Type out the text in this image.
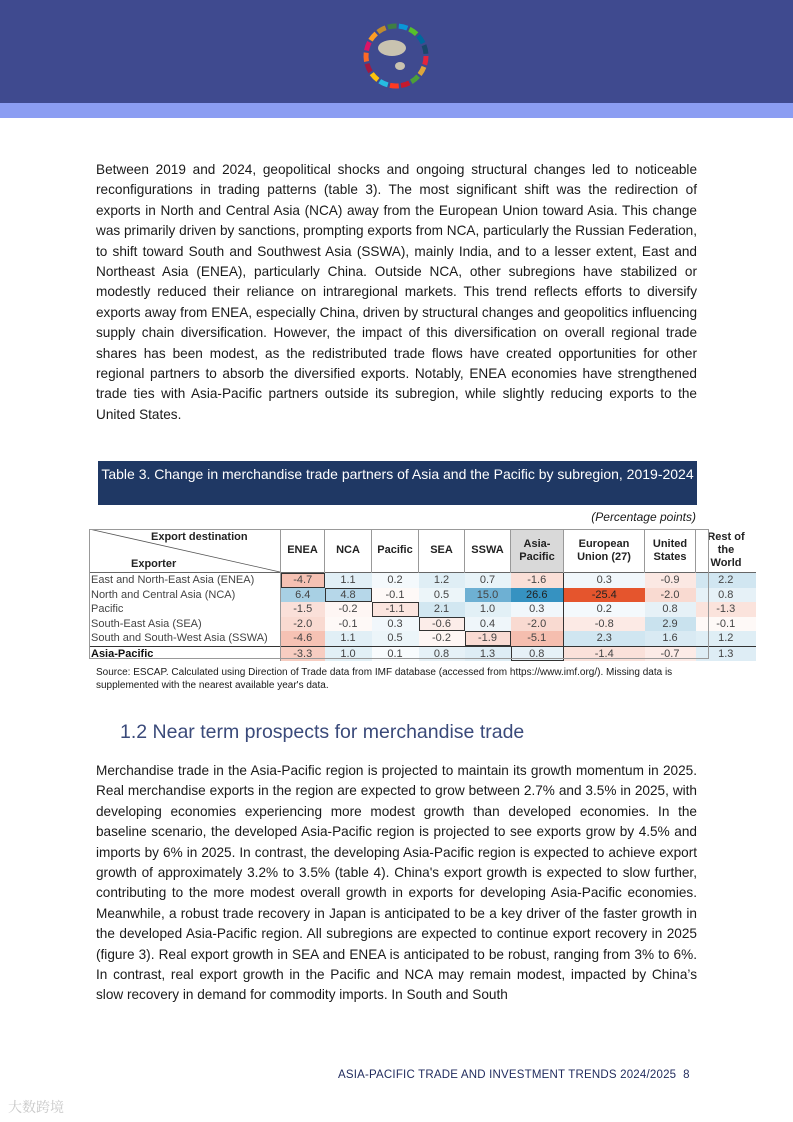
Between 2019 and 2024, geopolitical shocks and ongoing structural changes led to noticeable reconfigurations in trading patterns (table 3). The most significant shift was the redirection of exports in North and Central Asia (NCA) away from the European Union toward Asia. This change was primarily driven by sanctions, prompting exports from NCA, particularly the Russian Federation, to shift toward South and Southwest Asia (SSWA), mainly India, and to a lesser extent, East and Northeast Asia (ENEA), particularly China. Outside NCA, other subregions have stabilized or modestly reduced their reliance on intraregional markets. This trend reflects efforts to diversify exports away from ENEA, especially China, driven by structural changes and geopolitics influencing supply chain diversification. However, the impact of this diversification on overall regional trade shares has been modest, as the redistributed trade flows have created opportunities for other regional partners to absorb the diversified exports. Notably, ENEA economies have strengthened trade ties with Asia-Pacific partners outside its subregion, while slightly reducing exports to the United States.

Table 3. Change in merchandise trade partners of Asia and the Pacific by subregion, 2019-2024
(Percentage points)
Export destination
Exporter	ENEA	NCA	Pacific	SEA	SSWA	Asia-Pacific	European Union (27)	United States	Rest of the World
East and North-East Asia (ENEA)	-4.7	1.1	0.2	1.2	0.7	-1.6	0.3	-0.9	2.2
North and Central Asia (NCA)	6.4	4.8	-0.1	0.5	15.0	26.6	-25.4	-2.0	0.8
Pacific	-1.5	-0.2	-1.1	2.1	1.0	0.3	0.2	0.8	-1.3
South-East Asia (SEA)	-2.0	-0.1	0.3	-0.6	0.4	-2.0	-0.8	2.9	-0.1
South and South-West Asia (SSWA)	-4.6	1.1	0.5	-0.2	-1.9	-5.1	2.3	1.6	1.2
Asia-Pacific	-3.3	1.0	0.1	0.8	1.3	0.8	-1.4	-0.7	1.3
Source: ESCAP. Calculated using Direction of Trade data from IMF database (accessed from https://www.imf.org/). Missing data is supplemented with the nearest available year's data.
1.2 Near term prospects for merchandise trade

Merchandise trade in the Asia-Pacific region is projected to maintain its growth momentum in 2025. Real merchandise exports in the region are expected to grow between 2.7% and 3.5% in 2025, with developing economies experiencing more modest growth than developed economies. In the baseline scenario, the developed Asia-Pacific region is projected to see exports grow by 4.5% and imports by 6% in 2025. In contrast, the developing Asia-Pacific region is expected to achieve export growth of approximately 3.2% to 3.5% (table 4). China's export growth is expected to slow further, contributing to the more modest overall growth in exports for developing Asia-Pacific economies. Meanwhile, a robust trade recovery in Japan is anticipated to be a key driver of the faster growth in the developed Asia-Pacific region. All subregions are expected to continue export recovery in 2025 (figure 3). Real export growth in SEA and ENEA is anticipated to be robust, ranging from 3% to 6%. In contrast, real export growth in the Pacific and NCA may remain modest, impacted by China’s slow recovery in demand for commodity imports. In South and South

ASIA-PACIFIC TRADE AND INVESTMENT TRENDS 2024/2025 8
大数跨境
